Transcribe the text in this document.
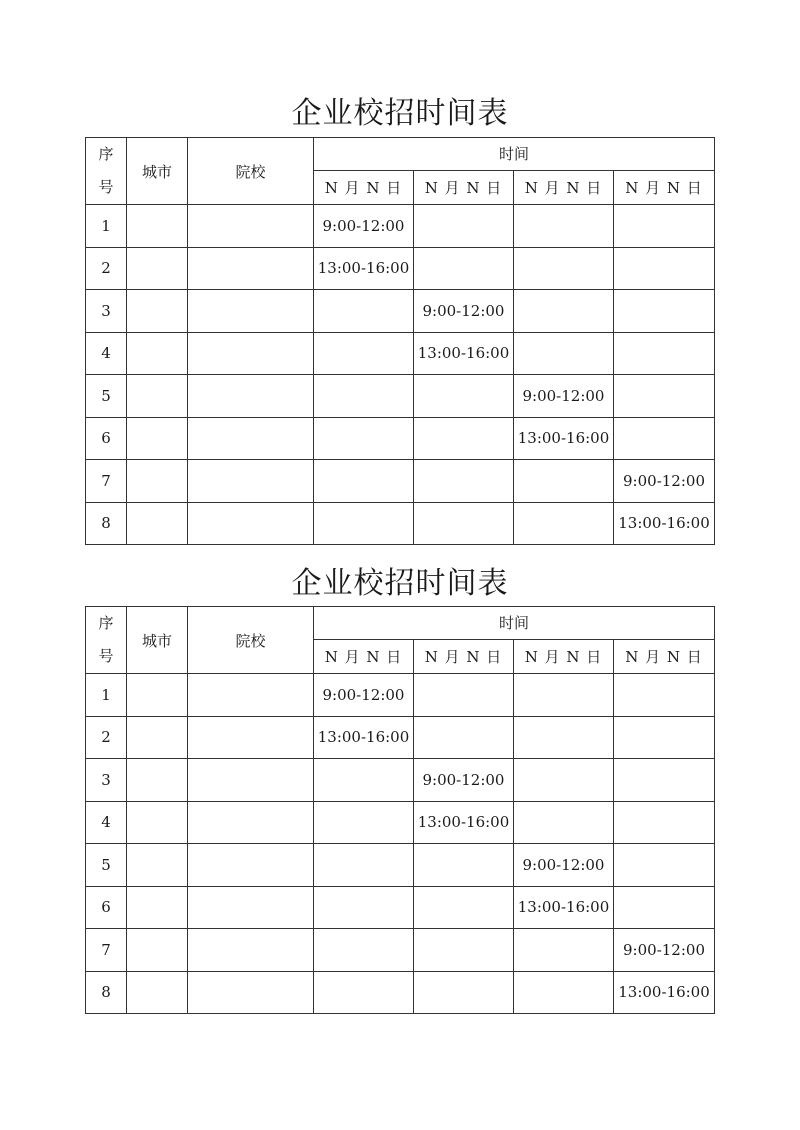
企业校招时间表
序
号	城市	院校	时间			
			N 月 N 日	N 月 N 日	N 月 N 日	N 月 N 日
1			9:00-12:00			
2			13:00-16:00			
3				9:00-12:00		
4				13:00-16:00		
5					9:00-12:00	
6					13:00-16:00	
7						9:00-12:00
8						13:00-16:00
企业校招时间表
序
号	城市	院校	时间			
			N 月 N 日	N 月 N 日	N 月 N 日	N 月 N 日
1			9:00-12:00			
2			13:00-16:00			
3				9:00-12:00		
4				13:00-16:00		
5					9:00-12:00	
6					13:00-16:00	
7						9:00-12:00
8						13:00-16:00
